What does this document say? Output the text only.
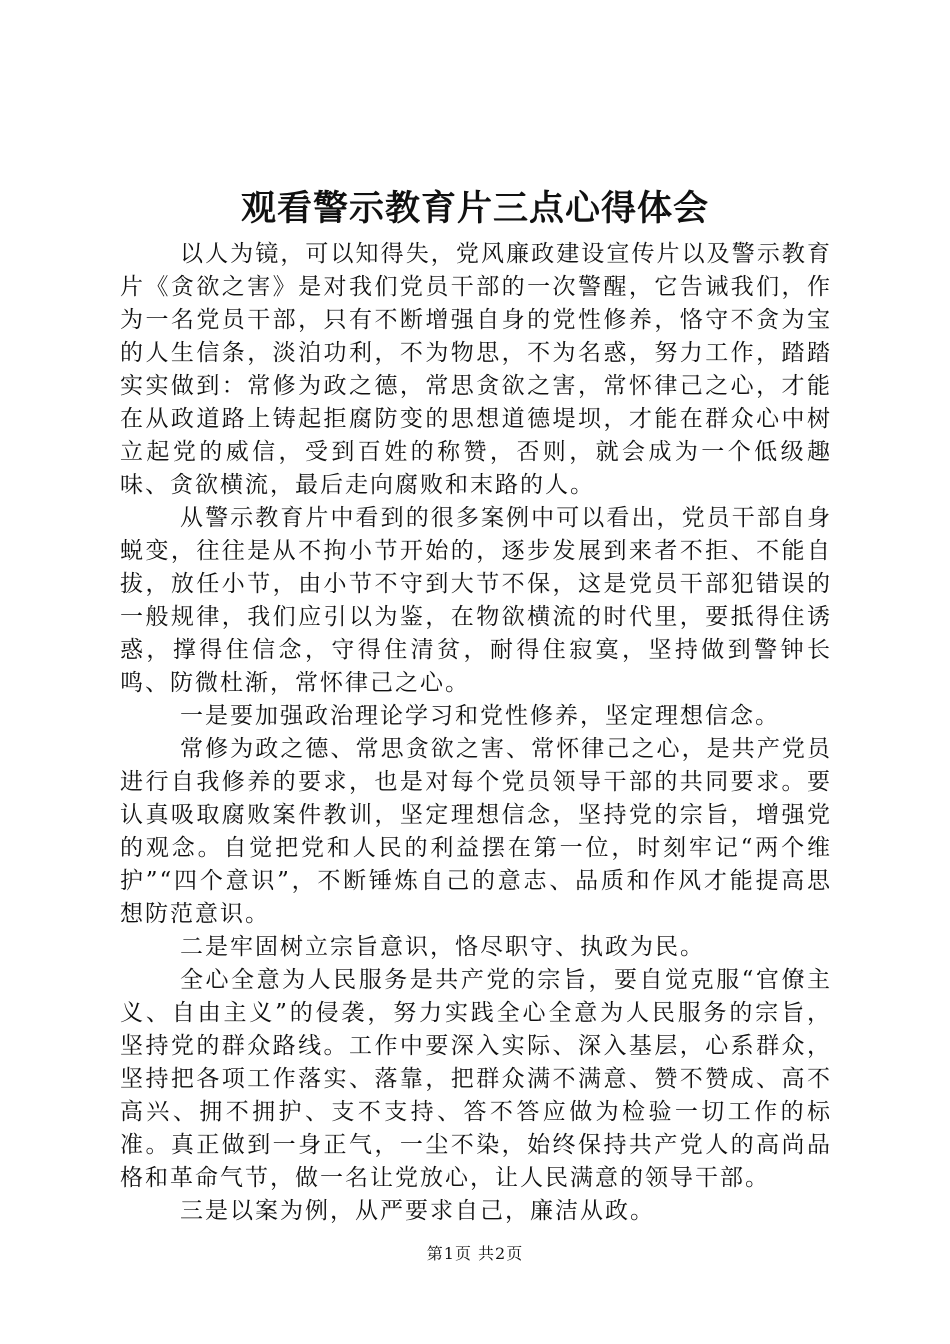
观看警示教育片三点心得体会

以人为镜，可以知得失，党风廉政建设宣传片以及警示教育片《贪欲之害》是对我们党员干部的一次警醒，它告诫我们，作为一名党员干部，只有不断增强自身的党性修养，恪守不贪为宝的人生信条，淡泊功利，不为物思，不为名惑，努力工作，踏踏实实做到：常修为政之德，常思贪欲之害，常怀律己之心，才能在从政道路上铸起拒腐防变的思想道德堤坝，才能在群众心中树立起党的威信，受到百姓的称赞，否则，就会成为一个低级趣味、贪欲横流，最后走向腐败和末路的人。

从警示教育片中看到的很多案例中可以看出，党员干部自身蜕变，往往是从不拘小节开始的，逐步发展到来者不拒、不能自拔，放任小节，由小节不守到大节不保，这是党员干部犯错误的一般规律，我们应引以为鉴，在物欲横流的时代里，要抵得住诱惑，撑得住信念，守得住清贫，耐得住寂寞，坚持做到警钟长鸣、防微杜渐，常怀律己之心。

一是要加强政治理论学习和党性修养，坚定理想信念。

常修为政之德、常思贪欲之害、常怀律己之心，是共产党员进行自我修养的要求，也是对每个党员领导干部的共同要求。要认真吸取腐败案件教训，坚定理想信念，坚持党的宗旨，增强党的观念。自觉把党和人民的利益摆在第一位，时刻牢记“两个维护”“四个意识”，不断锤炼自己的意志、品质和作风才能提高思想防范意识。

二是牢固树立宗旨意识，恪尽职守、执政为民。

全心全意为人民服务是共产党的宗旨，要自觉克服“官僚主义、自由主义”的侵袭，努力实践全心全意为人民服务的宗旨，坚持党的群众路线。工作中要深入实际、深入基层，心系群众，坚持把各项工作落实、落靠，把群众满不满意、赞不赞成、高不高兴、拥不拥护、支不支持、答不答应做为检验一切工作的标准。真正做到一身正气，一尘不染，始终保持共产党人的高尚品格和革命气节，做一名让党放心，让人民满意的领导干部。

三是以案为例，从严要求自己，廉洁从政。

第1页 共2页
